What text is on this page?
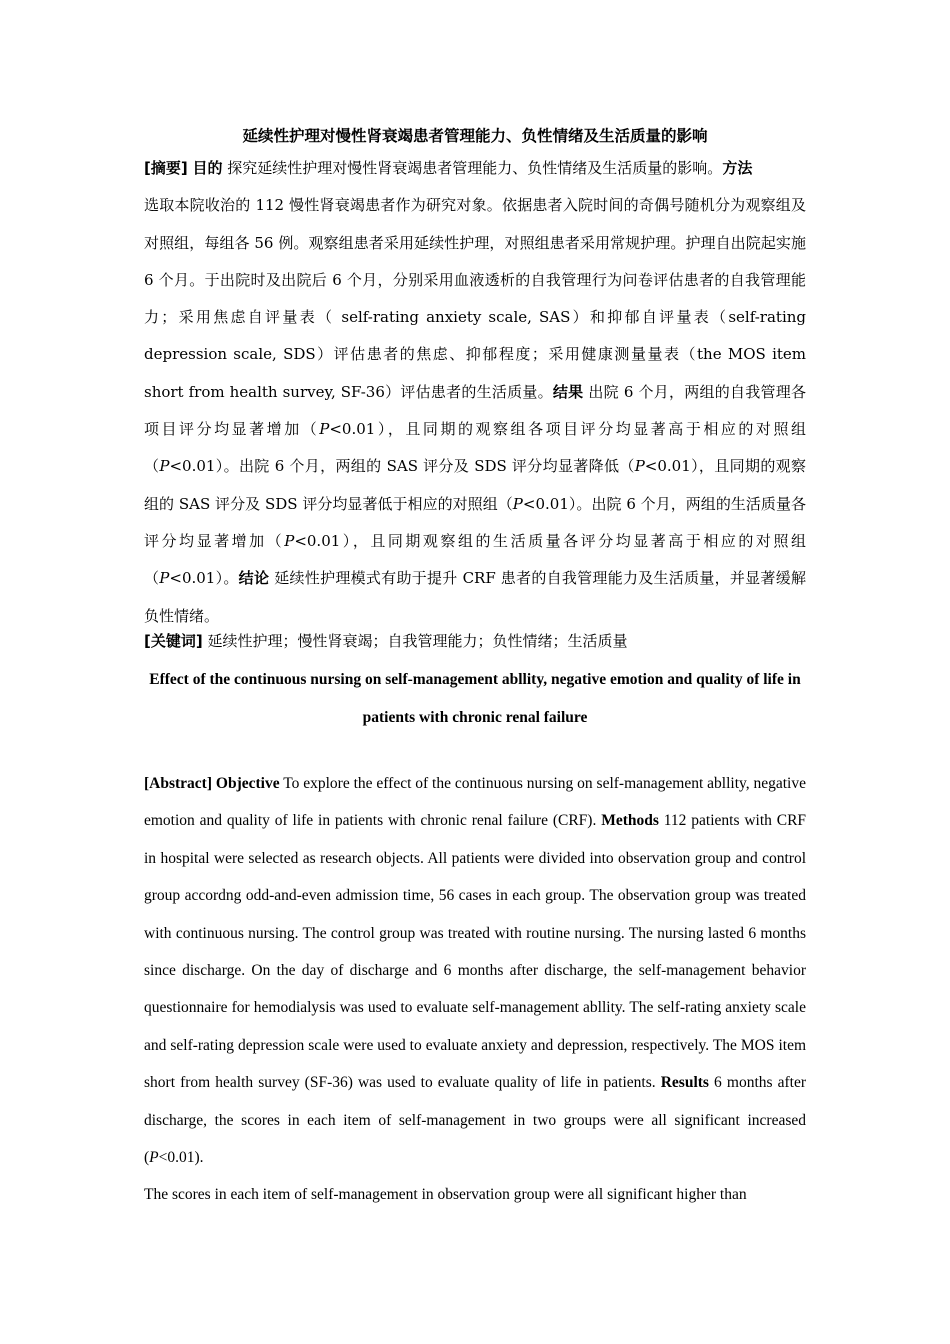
延续性护理对慢性肾衰竭患者管理能力、负性情绪及生活质量的影响
[摘要] 目的 探究延续性护理对慢性肾衰竭患者管理能力、负性情绪及生活质量的影响。方法
选取本院收治的 112 慢性肾衰竭患者作为研究对象。依据患者入院时间的奇偶号随机分为观察组及对照组，每组各 56 例。观察组患者采用延续性护理，对照组患者采用常规护理。护理自出院起实施 6 个月。于出院时及出院后 6 个月，分别采用血液透析的自我管理行为问卷评估患者的自我管理能力；采用焦虑自评量表（ self-rating anxiety scale, SAS）和抑郁自评量表（self-rating depression scale, SDS）评估患者的焦虑、抑郁程度；采用健康测量量表（the MOS item short from health survey, SF-36）评估患者的生活质量。结果 出院 6 个月，两组的自我管理各项目评分均显著增加（P<0.01），且同期的观察组各项目评分均显著高于相应的对照组（P<0.01）。出院 6 个月，两组的 SAS 评分及 SDS 评分均显著降低（P<0.01），且同期的观察组的 SAS 评分及 SDS 评分均显著低于相应的对照组（P<0.01）。出院 6 个月，两组的生活质量各评分均显著增加（P<0.01），且同期观察组的生活质量各评分均显著高于相应的对照组（P<0.01）。结论 延续性护理模式有助于提升 CRF 患者的自我管理能力及生活质量，并显著缓解负性情绪。
[关键词] 延续性护理；慢性肾衰竭；自我管理能力；负性情绪；生活质量
Effect of the continuous nursing on self-management abllity, negative emotion and quality of life in patients with chronic renal failure
[Abstract] Objective To explore the effect of the continuous nursing on self-management abllity, negative emotion and quality of life in patients with chronic renal failure (CRF). Methods 112 patients with CRF in hospital were selected as research objects. All patients were divided into observation group and control group accordng odd-and-even admission time, 56 cases in each group. The observation group was treated with continuous nursing. The control group was treated with routine nursing. The nursing lasted 6 months since discharge. On the day of discharge and 6 months after discharge, the self-management behavior questionnaire for hemodialysis was used to evaluate self-management abllity. The self-rating anxiety scale and self-rating depression scale were used to evaluate anxiety and depression, respectively. The MOS item short from health survey (SF-36) was used to evaluate quality of life in patients. Results 6 months after discharge, the scores in each item of self-management in two groups were all significant increased (P<0.01).
The scores in each item of self-management in observation group were all significant higher than
